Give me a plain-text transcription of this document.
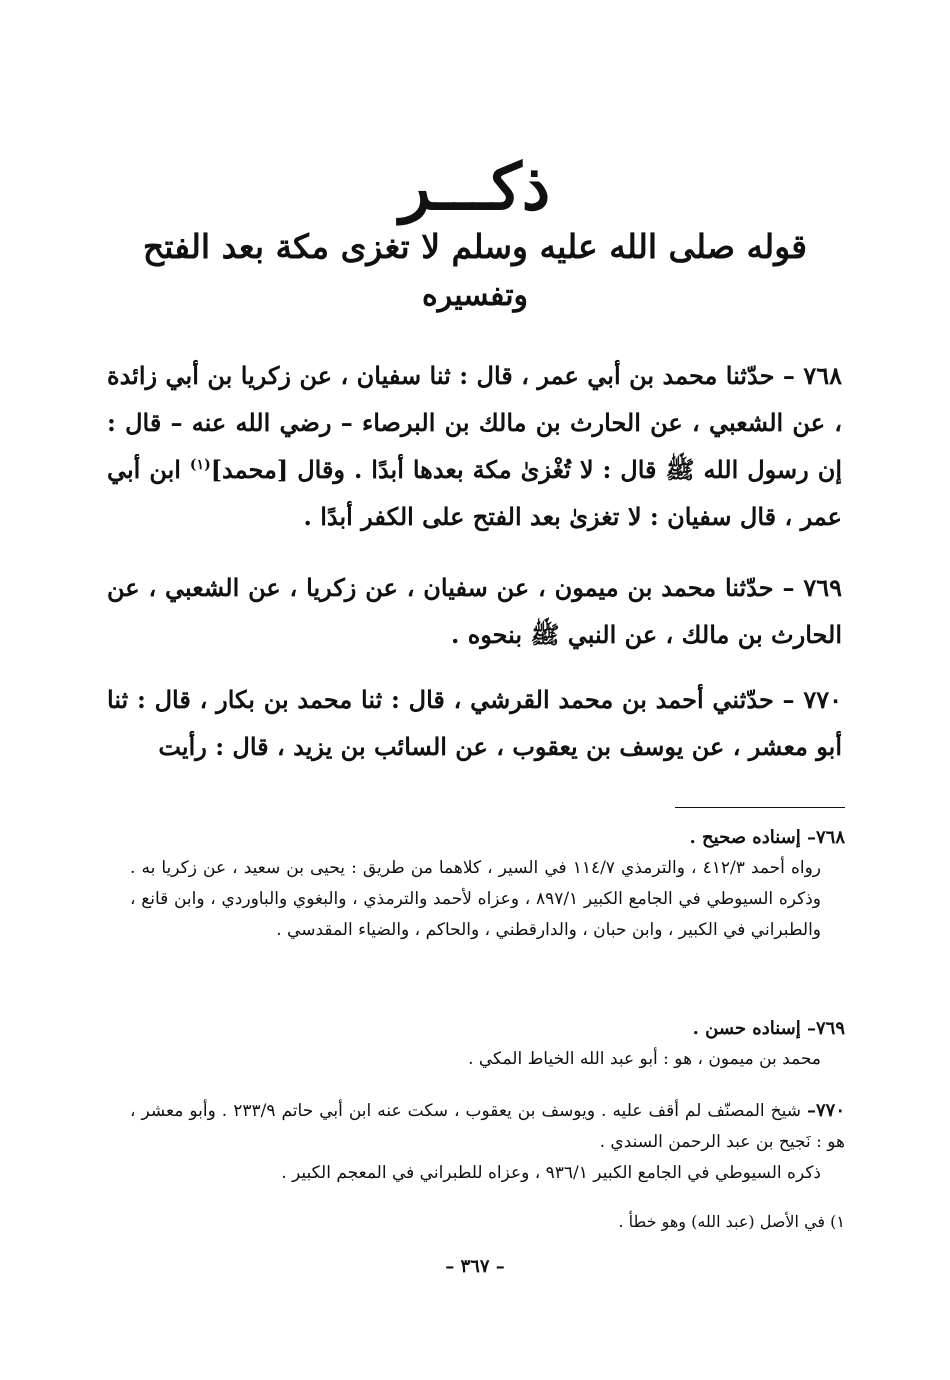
ذكـــر
قوله صلى الله عليه وسلم لا تغزى مكة بعد الفتح
وتفسيره

٧٦٨ – حدّثنا محمد بن أبي عمر ، قال : ثنا سفيان ، عن زكريا بن أبي زائدة ، عن الشعبي ، عن الحارث بن مالك بن البرصاء – رضي الله عنه – قال : إن رسول الله ﷺ قال : لا تُغْزىٰ مكة بعدها أبدًا . وقال [محمد]$^{(١)}$ ابن أبي عمر ، قال سفيان : لا تغزىٰ بعد الفتح على الكفر أبدًا .

٧٦٩ – حدّثنا محمد بن ميمون ، عن سفيان ، عن زكريا ، عن الشعبي ، عن الحارث بن مالك ، عن النبي ﷺ بنحوه .

٧٧٠ – حدّثني أحمد بن محمد القرشي ، قال : ثنا محمد بن بكار ، قال : ثنا أبو معشر ، عن يوسف بن يعقوب ، عن السائب بن يزيد ، قال : رأيت

٧٦٨– إسناده صحيح .

رواه أحمد ٤١٢/٣ ، والترمذي ١١٤/٧ في السير ، كلاهما من طريق : يحيى بن سعيد ، عن زكريا به . وذكره السيوطي في الجامع الكبير ٨٩٧/١ ، وعزاه لأحمد والترمذي ، والبغوي والباوردي ، وابن قانع ، والطبراني في الكبير ، وابن حبان ، والدارقطني ، والحاكم ، والضياء المقدسي .

٧٦٩– إسناده حسن .

محمد بن ميمون ، هو : أبو عبد الله الخياط المكي .

٧٧٠– شيخ المصنّف لم أقف عليه . ويوسف بن يعقوب ، سكت عنه ابن أبي حاتم ٢٣٣/٩ . وأبو معشر ، هو : نَجيح بن عبد الرحمن السندي .

ذكره السيوطي في الجامع الكبير ٩٣٦/١ ، وعزاه للطبراني في المعجم الكبير .

١) في الأصل (عبد الله) وهو خطأ .
– ٣٦٧ –
